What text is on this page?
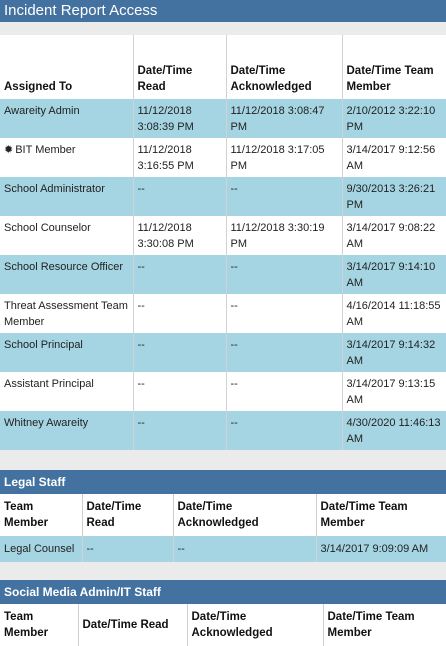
Incident Report Access
Assigned To	Date/Time Read	Date/Time Acknowledged	Date/Time Team Member
Awareity Admin	11/12/2018 3:08:39 PM	11/12/2018 3:08:47 PM	2/10/2012 3:22:10 PM
✹ BIT Member	11/12/2018 3:16:55 PM	11/12/2018 3:17:05 PM	3/14/2017 9:12:56 AM
School Administrator	--	--	9/30/2013 3:26:21 PM
School Counselor	11/12/2018 3:30:08 PM	11/12/2018 3:30:19 PM	3/14/2017 9:08:22 AM
School Resource Officer	--	--	3/14/2017 9:14:10 AM
Threat Assessment Team Member	--	--	4/16/2014 11:18:55 AM
School Principal	--	--	3/14/2017 9:14:32 AM
Assistant Principal	--	--	3/14/2017 9:13:15 AM
Whitney Awareity	--	--	4/30/2020 11:46:13 AM
Legal Staff
Team Member	Date/Time Read	Date/Time Acknowledged	Date/Time Team Member
Legal Counsel	--	--	3/14/2017 9:09:09 AM
Social Media Admin/IT Staff
Team Member	Date/Time Read	Date/Time Acknowledged	Date/Time Team Member
